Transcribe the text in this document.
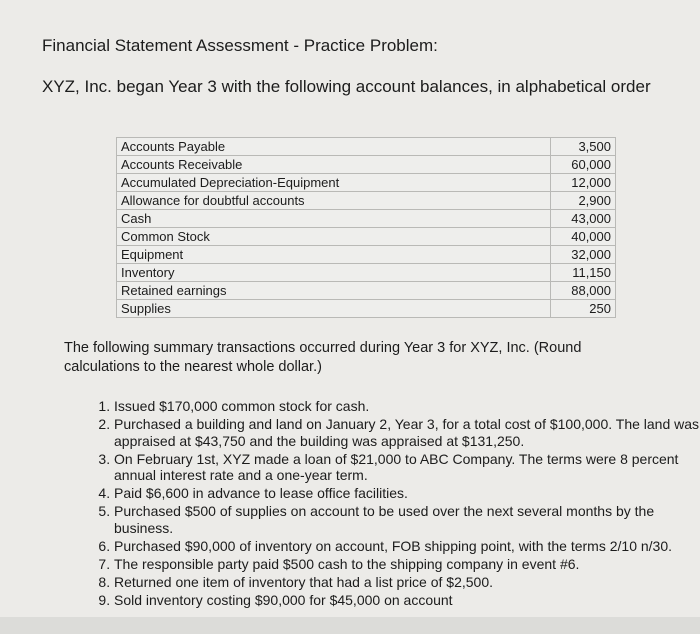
Financial Statement Assessment - Practice Problem:
XYZ, Inc. began Year 3 with the following account balances, in alphabetical order
Accounts Payable	3,500
Accounts Receivable	60,000
Accumulated Depreciation-Equipment	12,000
Allowance for doubtful accounts	2,900
Cash	43,000
Common Stock	40,000
Equipment	32,000
Inventory	11,150
Retained earnings	88,000
Supplies	250
The following summary transactions occurred during Year 3 for XYZ, Inc. (Round calculations to the nearest whole dollar.)
1. Issued $170,000 common stock for cash.
2. Purchased a building and land on January 2, Year 3, for a total cost of $100,000. The land was appraised at $43,750 and the building was appraised at $131,250.
3. On February 1st, XYZ made a loan of $21,000 to ABC Company. The terms were 8 percent annual interest rate and a one-year term.
4. Paid $6,600 in advance to lease office facilities.
5. Purchased $500 of supplies on account to be used over the next several months by the business.
6. Purchased $90,000 of inventory on account, FOB shipping point, with the terms 2/10 n/30.
7. The responsible party paid $500 cash to the shipping company in event #6.
8. Returned one item of inventory that had a list price of $2,500.
9. Sold inventory costing $90,000 for $45,000 on account
